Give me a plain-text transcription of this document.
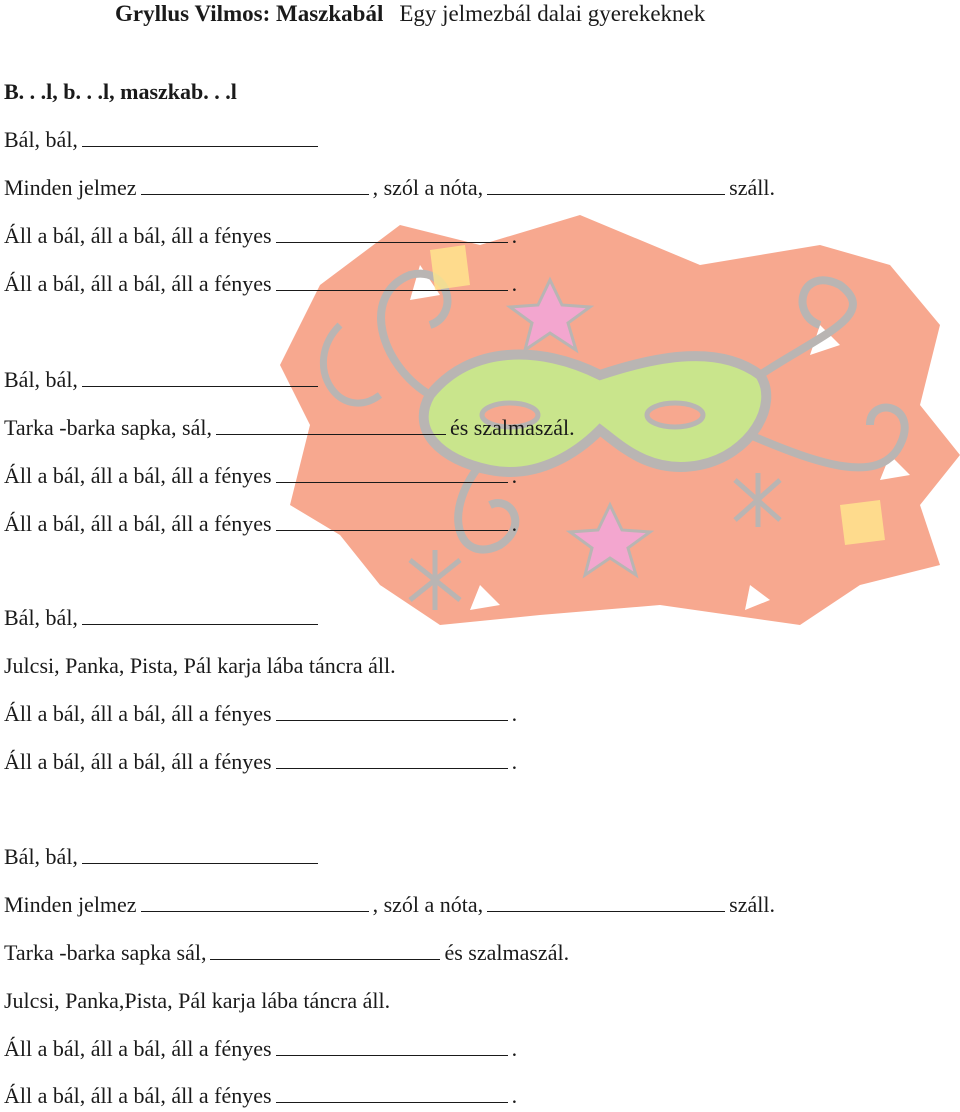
Gryllus Vilmos: Maszkabál Egy jelmezbál dalai gyerekeknek
B. . .l, b. . .l, maszkab. . .l
Bál, bál,
Minden jelmez	, szól a nóta,	száll.
Áll a bál, áll a bál, áll a fényes	.
Áll a bál, áll a bál, áll a fényes	.
Bál, bál,
Tarka -barka sapka, sál,	és szalmaszál.
Áll a bál, áll a bál, áll a fényes	.
Áll a bál, áll a bál, áll a fényes	.
Bál, bál,
Julcsi, Panka, Pista, Pál karja lába táncra áll.
Áll a bál, áll a bál, áll a fényes	.
Áll a bál, áll a bál, áll a fényes	.
Bál, bál,
Minden jelmez	, szól a nóta,	száll.
Tarka -barka sapka sál,	és szalmaszál.
Julcsi, Panka,Pista, Pál karja lába táncra áll.
Áll a bál, áll a bál, áll a fényes	.
Áll a bál, áll a bál, áll a fényes	.
